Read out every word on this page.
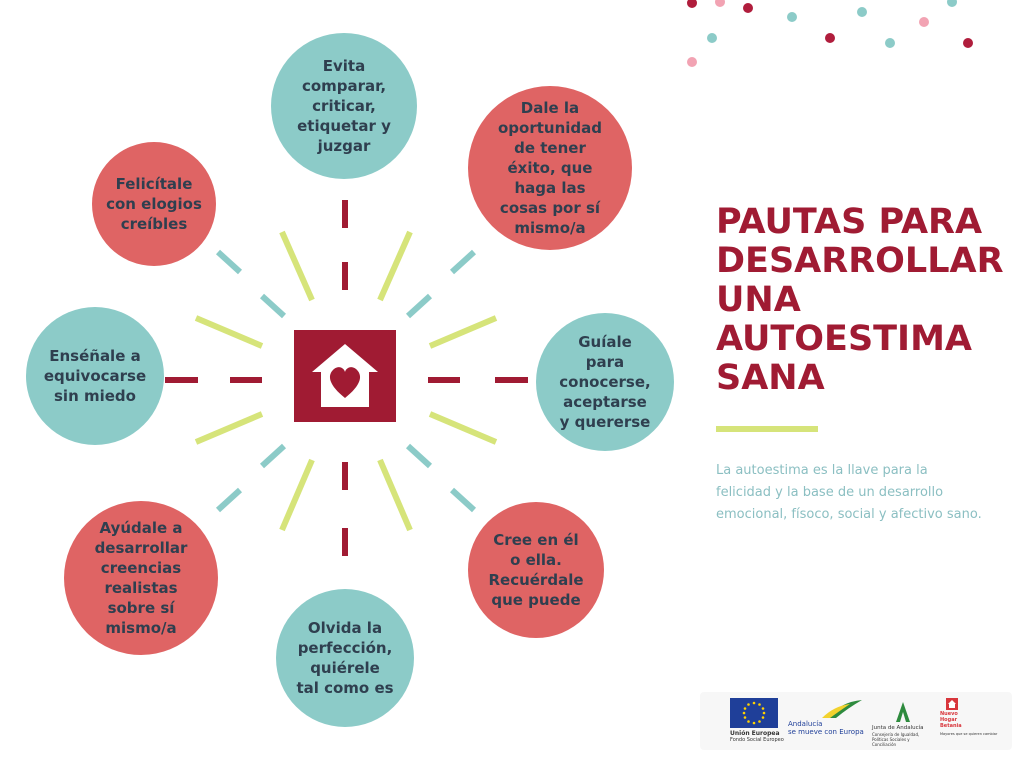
Evita
comparar,
criticar,
etiquetar y
juzgar
Dale la
oportunidad
de tener
éxito, que
haga las
cosas por sí
mismo/a
Guíale
para
conocerse,
aceptarse
y quererse
Cree en él
o ella.
Recuérdale
que puede
Olvida la
perfección,
quiérele
tal como es
Ayúdale a
desarrollar
creencias
realistas
sobre sí
mismo/a
Enséñale a
equivocarse
sin miedo
Felicítale
con elogios
creíbles	PAUTAS PARA
DESARROLLAR
UNA
AUTOESTIMA
SANA
La autoestima es la llave para la felicidad y la base de un desarrollo emocional, físoco, social y afectivo sano.
Unión Europea
Fondo Social Europeo
Andalucía
se mueve con Europa Junta de Andalucía
Consejería de Igualdad,
Políticas Sociales y Conciliación
Nuevo
Hogar
Betania
Mayores que se quieren cambiar
